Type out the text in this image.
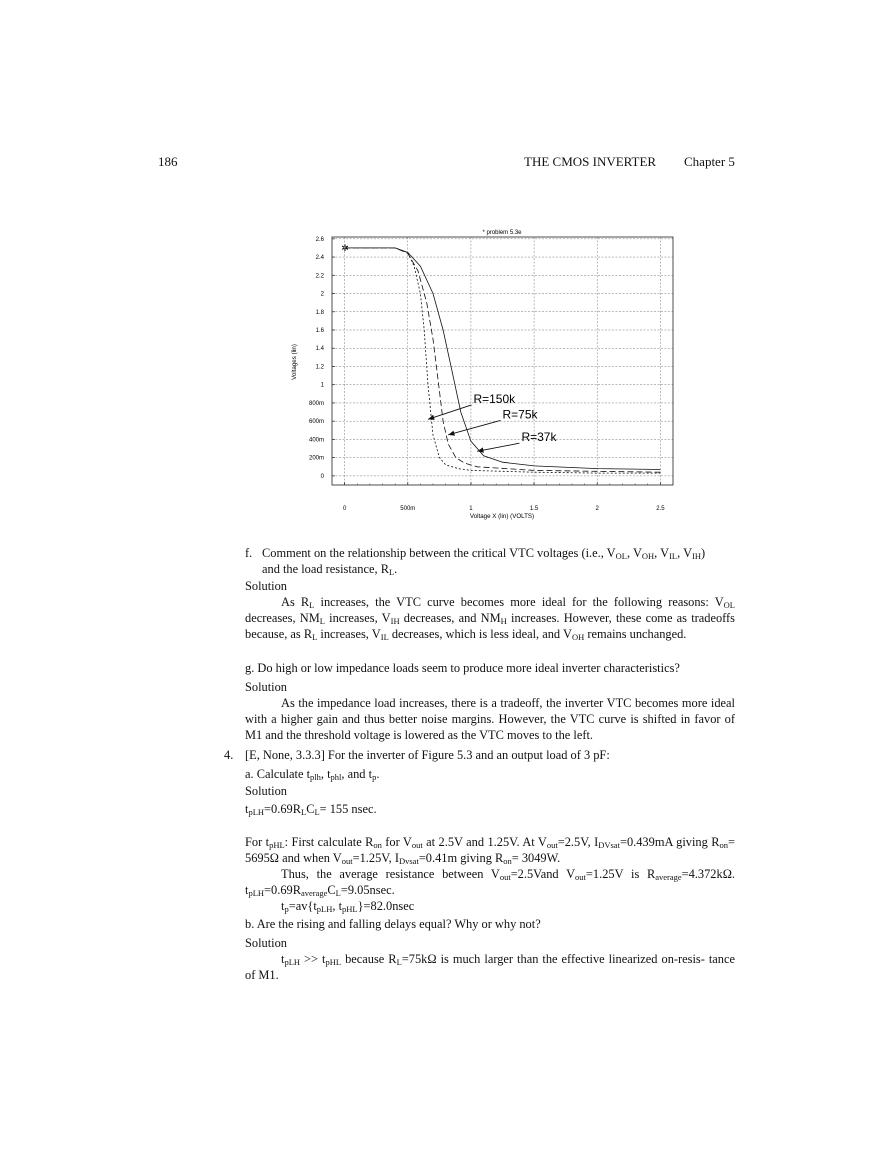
186	THE CMOS INVERTER Chapter 5
0
200m
400m
600m
800m
1
1.2
1.4
1.6
1.8
2
2.2
2.4
2.6
0	500m	1	1.5	2	2.5
✲
R=150k
R=75k
R=37k
* problem 5.3e
Voltage X (lin) (VOLTS)
Voltages (lin)
f. Comment on the relationship between the critical VTC voltages (i.e., $V_{OL}$, $V_{OH}$, $V_{IL}$, $V_{IH}$)
and the load resistance, $R_L$.
Solution
As $R_L$ increases, the VTC curve becomes more ideal for the following reasons: $V_{OL}$ decreases, $NM_L$ increases, $V_{IH}$ decreases, and $NM_H$ increases. However, these come as tradeoffs because, as $R_L$ increases, $V_{IL}$ decreases, which is less ideal, and $V_{OH}$ remains unchanged.
g. Do high or low impedance loads seem to produce more ideal inverter characteristics?
Solution
As the impedance load increases, there is a tradeoff, the inverter VTC becomes more ideal with a higher gain and thus better noise margins. However, the VTC curve is shifted in favor of M1 and the threshold voltage is lowered as the VTC moves to the left.
4. [E, None, 3.3.3] For the inverter of Figure 5.3 and an output load of 3 pF:
a. Calculate $t_{plh}$, $t_{phl}$, and $t_p$.
Solution
$t_{pLH}=0.69R_LC_L= 155$ nsec.
For $t_{pHL}$: First calculate $R_{on}$ for $V_{out}$ at 2.5V and 1.25V. At $V_{out}=2.5V$, $I_{DVsat}=0.439mA$ giving $R_{on}= 5695\Omega$ and when $V_{out}=1.25V$, $I_{Dvsat}=0.41m$ giving $R_{on}= 3049W$.
Thus, the average resistance between $V_{out}=2.5Vand$ $V_{out}=1.25V$ is $R_{average}=4.372k\Omega$. $t_{pLH}=0.69R_{average}C_L=9.05nsec$.
$t_p=av\{t_{pLH}$, $t_{pHL}\}=82.0nsec$
b. Are the rising and falling delays equal? Why or why not?
Solution
$t_{pLH} >> t_{pHL}$ because $R_L=75k\Omega$ is much larger than the effective linearized on-resis- tance of M1.
